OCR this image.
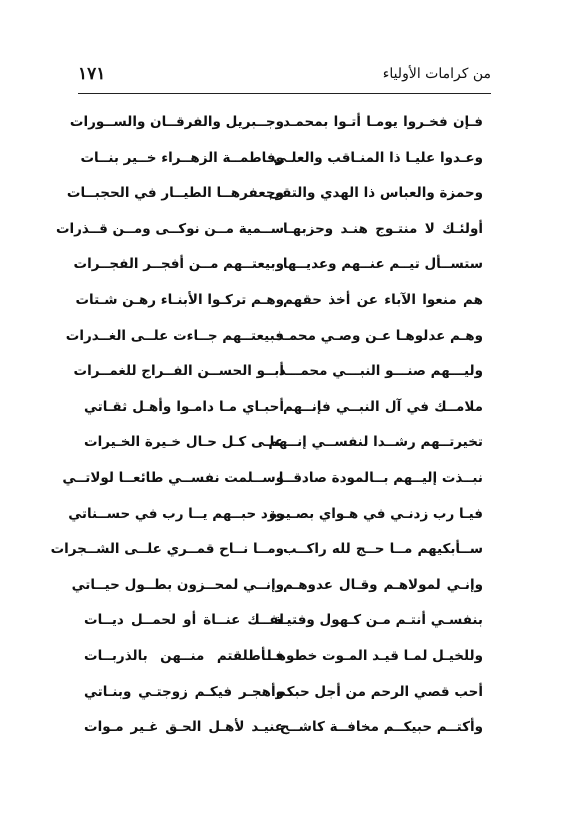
من كرامات الأولياء
١٧١
فـإن فخـروا يومـا أتـوا بمحمـد
وجــبريل والفرقــان والســورات
وعـدوا عليـا ذا المنـاقب والعلـى
وفاطمــة الزهــراء خــير بنــات
وحمزة والعباس ذا الهدي والتقى
وجعفرهــا الطيــار في الحجبــات
أولئـك لا منتـوج هنـد وحزبهـا
ســمية مــن نوكــى ومــن قــذرات
ستســأل تيــم عنــهم وعديــها
وبيعتــهم مــن أفجــر الفجــرات
هم منعوا الآباء عن أخذ حقهم
وهـم تركـوا الأبنـاء رهـن شـتات
وهـم عدلوهـا عـن وصـي محمـد
فبيعتــهم جــاءت علــى الغــدرات
وليـــهم صنـــو النبـــي محمـــد
أبــو الحســن الفــراج للغمــرات
ملامــك في آل النبــي فإنــهم
أحبـاي مـا دامـوا وأهـل ثقـاتي
تخيرتــهم رشــدا لنفســي إنــهم
علـى كـل حـال خـيرة الخـيرات
نبــذت إليــهم بــالمودة صادقــا
وســلمت نفســي طائعــا لولاتــي
فيـا رب زدنـي في هـواي بصـيرة
وزد حبــهم يــا رب في حســناتي
ســأبكيهم مــا حــج لله راكــب
ومــا نــاح قمــري علــى الشــجرات
وإنـي لمولاهـم وقـال عدوهـم
وإنــي لمحــزون بطــول حيــاتي
بنفسـي أنتـم مـن كـهول وفتيـة
لفــك عنــاة أو لحمــل ديــات
وللخيـل لمـا قيـد المـوت خطوهـا
فــأطلقتم منــهن بالذربــات
أحب قصي الرحم من أجل حبكم
وأهجـر فيكـم زوجتـي وبنـاتي
وأكتــم حبيكــم مخافــة كاشــح
عنيـد لأهـل الحـق غـير مـوات
